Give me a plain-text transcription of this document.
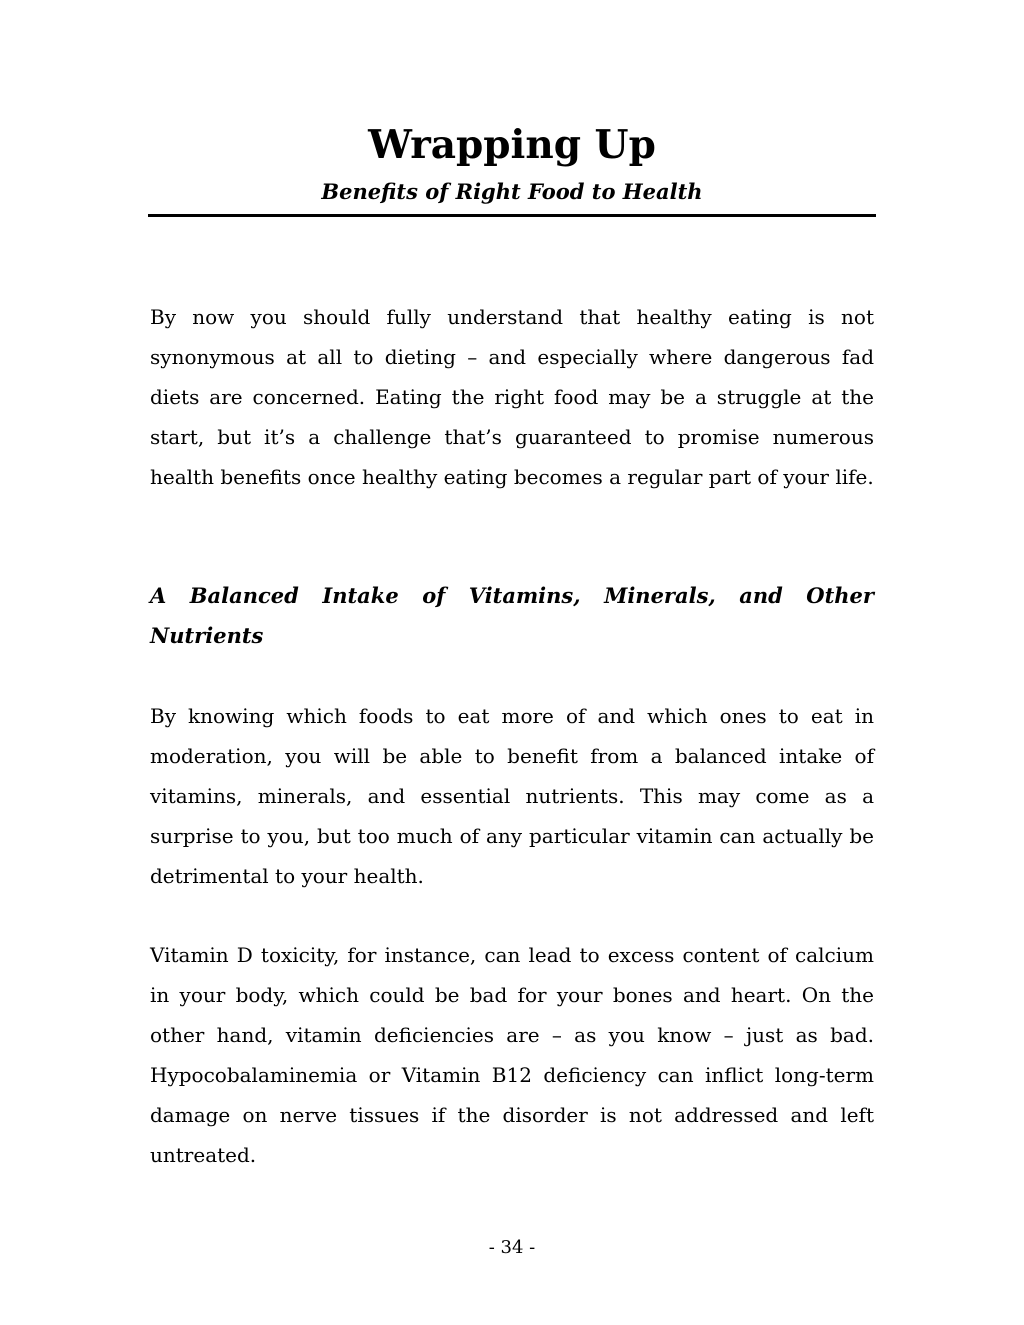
Wrapping Up

Benefits of Right Food to Health

By now you should fully understand that healthy eating is not synonymous at all to dieting – and especially where dangerous fad diets are concerned. Eating the right food may be a struggle at the start, but it’s a challenge that’s guaranteed to promise numerous health benefits once healthy eating becomes a regular part of your life.

A Balanced Intake of Vitamins, Minerals, and Other Nutrients

By knowing which foods to eat more of and which ones to eat in moderation, you will be able to benefit from a balanced intake of vitamins, minerals, and essential nutrients. This may come as a surprise to you, but too much of any particular vitamin can actually be detrimental to your health.

Vitamin D toxicity, for instance, can lead to excess content of calcium in your body, which could be bad for your bones and heart. On the other hand, vitamin deficiencies are – as you know – just as bad. Hypocobalaminemia or Vitamin B12 deficiency can inflict long-term damage on nerve tissues if the disorder is not addressed and left untreated.

- 34 -
